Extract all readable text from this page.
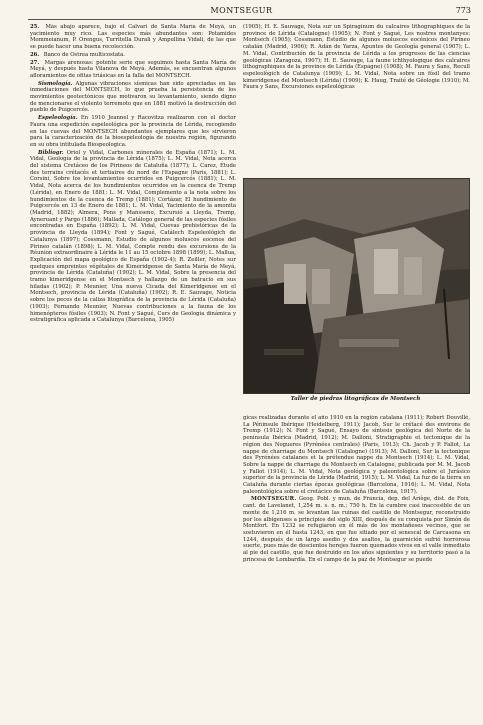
MONTSEGUR	773
25. Más abajo aparece, bajo el Calvari de Santa María de Meyá, un yacimiento muy rico. Las especies más abundantes son: Potamides Mommeianum, P. Orengus, Turritella Durali y Ampullina Vidali, de las que se puede hacer una buena recolección.
26. Banco de Ostrea multicostata.
27. Margas arenosas: potente serie que seguimos hasta Santa María de Meyá, y después hasta Vilanova de Meyá. Además, se encuentran algunos afloramientos de ofitas triásicas en la falla del MONTSECH.

Sismología. Algunas vibraciones sísmicas han sido apreciadas en las inmediaciones del MONTSECH, lo que prueba la persistencia de los movimientos geotectónicos que motivaron su levantamiento, siendo digno de mencionarse el violento terremoto que en 1881 motivó la destrucción del pueblo de Puigcercós.

Espeleología. En 1910 Jeannel y Racovitza realizaron con el doctor Faura una expedición espeleológica por la provincia de Lérida, recogiendo en las cuevas del MONTSECH abundantes ejemplares que les sirvieron para la caracterización de la bioespeleología de nuestra región, figurando en su obra intitulada Biospeologica.

Bibliogr. Oriol y Vidal, Carbones minerales de España (1871); L. M. Vidal, Geología de la provincia de Lérida (1875); L. M. Vidal, Nota acerca del sistema Cretáceo de los Pirineos de Cataluña (1877); L. Carez, Étude des terrains crétacés et tertiaires du nord de l'Espagne (Paris, 1881); L. Corsini, Sobre los levantamientos ocurridos en Puigcercós (1881); L. M. Vidal, Nota acerca de los hundimientos ocurridos en la cuenca de Tremp (Lérida), en Enero de 1881; L. M. Vidal, Complemento a la nota sobre los hundimientos de la cuenca de Tremp (1881); Cortázar, El hundimiento de Puigcercós en 13 de Enero de 1881; L. M. Vidal, Yacimiento de la amonita (Madrid, 1882); Almera, Pons y Mansseno, Excursió a Lleyda, Tremp, Ayneruant y Pargo (1886); Mallada, Catálogo general de las especies fósiles encontradas en España (1892); L. M. Vidal, Cuevas prehistóricas de la provincia de Lleyda (1894); Font y Sagué, Catálech Espeleológich de Catalunya (1897); Cossmann, Estudio de algunos moluscos eocenos del Pirineo catalán (1898); L. M. Vidal, Compte rendu des excursions de la Réunion extraordinaire à Lérida le 11 au 15 octobre 1898 (1899); L. Mallua, Explicación del mapa geológico de España (1902-4); R. Zeiller, Notes sur quelques empreintes végétales de Kimeridgense de Santa María de Meyá, provincia de Lérida (Cataluña) (1902); L. M. Vidal, Sobre la presencia del tramo kimeridgense en el Montsech y hallazgo de un batracio en sus hiladas (1902); P. Meunier, Una nueva Cicada del Kimeridgense en el Montsech, provincia de Lérida (Cataluña) (1902); R. E. Sauvage, Noticia sobre los peces de la caliza litográfica de la provincia de Lérida (Cataluña) (1903); Fernando Meunier, Nuevas contribuciones a la fauna de los himenópteros fósiles (1903); N. Font y Sagué, Curs de Geologia dinámica y estratigráfica aplicada a Catalunya (Barcelona, 1905)

(1905); H. E. Sauvage, Nota sur un Spiraginum du calcaires lithographiques de la province de Lérida (Catalogne) (1905); N. Font y Sagué, Les nostres montanyes: Montsech (1905); Cossmann, Estudio de algunos moluscos eocénicos del Pirineo catalán (Madrid, 1906); R. Adán de Yarza, Apuntes de Geología general (1907); L. M. Vidal, Contribución de la provincia de Lérida a los progresos de las ciencias geológicas (Zaragoza, 1907); H. E. Sauvage, La faune ichthyologique des calcaires lithographiques de la province de Lérida (Espagne) (1908); M. Faura y Sans, Recull espeleològich de Catalunya (1909); L. M. Vidal, Nota sobre un fósil del tramo kimeridgense del Montsech (Lérida) (1909); K. Haug, Traité de Géologie (1910); M. Faura y Sans, Excursiones espeleológicas

Taller de piedras litográficas de Montsech

gicas realizadas durante el año 1910 en la región catalana (1911); Robert Douvillé, La Péninsule Ibérique (Heidelberg, 1911); Jacob, Sur le crétacé des environs de Tremp (1912); N. Font y Sagué, Ensayo de síntesis geológica del Norte de la península Ibérica (Madrid, 1912); M. Dalloni, Stratigraphie et tectonique de la région des Nogueres (Pyrénées centrales) (Paris, 1913); Ch. Jacob y P. Fallot, La nappe de charriage du Montsech (Catalogne) (1913); M. Dalloni, Sur la tectonique des Pyrénées catalanes et la prétendue nappe du Montsech (1914); L. M. Vidal, Sobre la nappe de charriage du Montsech en Catalogne, publicada por M. M. Jacob y Fallot (1914); L. M. Vidal, Nota geológica y paleontológica sobre el Jurásico superior de la provincia de Lérida (Madrid, 1915); L. M. Vidal, La fuz de la tierra en Cataluña durante ciertas épocas geológicas (Barcelona, 1916); L. M. Vidal, Nota paleontológica sobre el cretácico de Cataluña (Barcelona, 1917).

MONTSEGUR. Geog. Pobl. y mun. de Francia, dep. del Ariège, dist. de Foix, cant. de Lavelanet, 1,254 m. s. n. m.; 750 h. En la cumbre casi inaccesible de un monte de 1,216 m. se levantan las ruinas del castillo de Montsegur, reconstruido por los albigenses a principios del siglo XIII, después de su conquista por Simón de Montfort. En 1232 se refugiaron en él más de los montañeses vecinos, que se sostuvieron en él hasta 1243, en que fue sitiado por el senescal de Carcasona en 1244, después de un largo asedio y dos asaltos, la guarnición sufrió horrorosa suerte, pues más de doscientos herejes fueron quemados vivos en el valle inmediato al pie del castillo, que fue destruido en los años siguientes y su territorio pasó a la princesa de Lombardía. En el campo de la paz de Montsegur se puede
